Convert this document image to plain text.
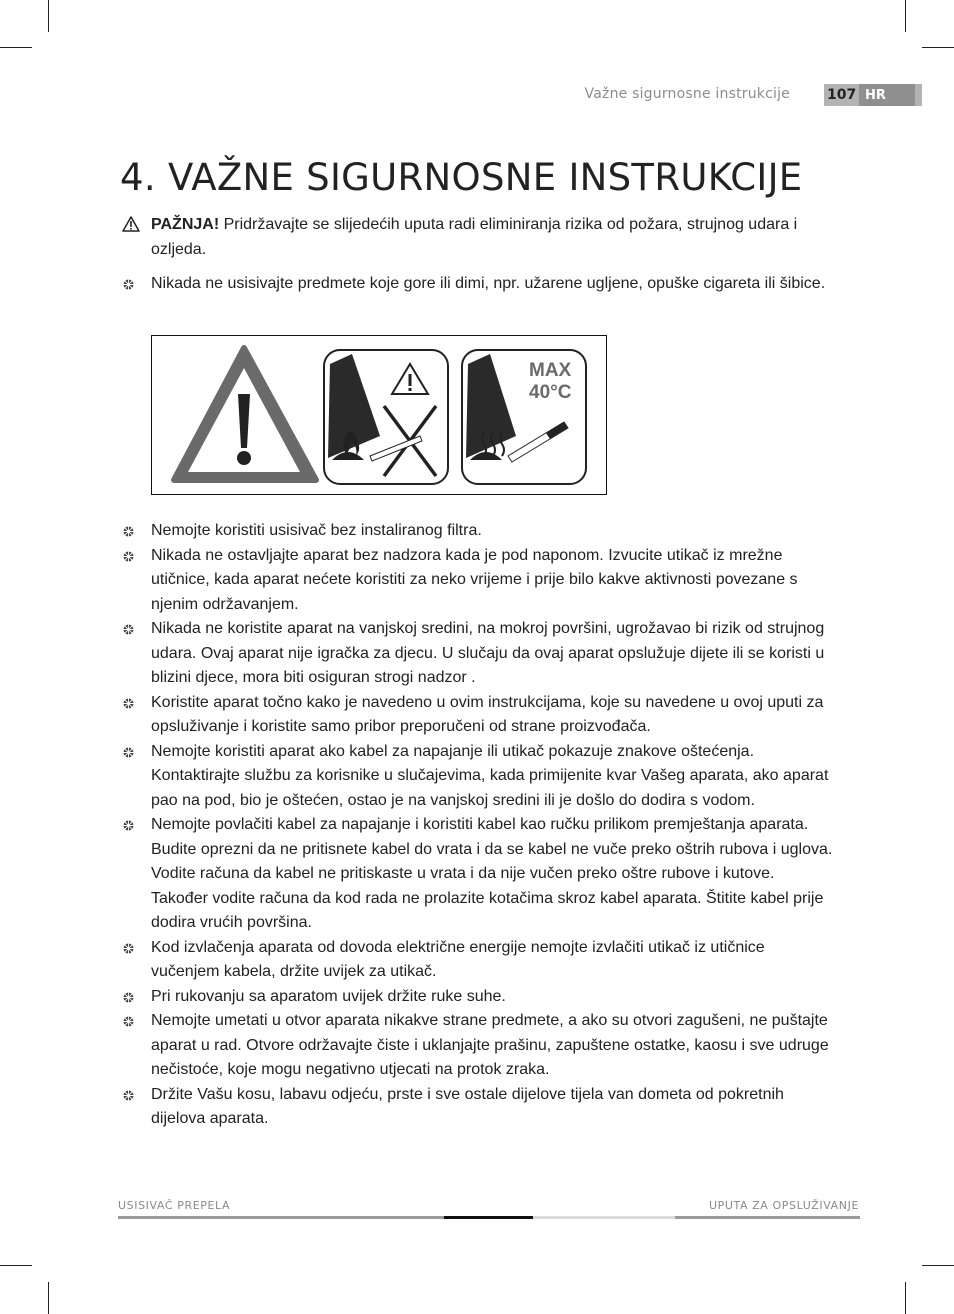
Važne sigurnosne instrukcije	107 HR
4. VAŽNE SIGURNOSNE INSTRUKCIJE
PAŽNJA! Pridržavajte se slijedećih uputa radi eliminiranja rizika od požara, strujnog udara i ozljeda.
Nikada ne usisivajte predmete koje gore ili dimi, npr. užarene ugljene, opuške cigareta ili šibice.
MAX
40°C
Nemojte koristiti usisivač bez instaliranog filtra.
Nikada ne ostavljajte aparat bez nadzora kada je pod naponom. Izvucite utikač iz mrežne utičnice, kada aparat nećete koristiti za neko vrijeme i prije bilo kakve aktivnosti povezane s njenim održavanjem.
Nikada ne koristite aparat na vanjskoj sredini, na mokroj površini, ugrožavao bi rizik od strujnog udara. Ovaj aparat nije igračka za djecu. U slučaju da ovaj aparat opslužuje dijete ili se koristi u blizini djece, mora biti osiguran strogi nadzor .
Koristite aparat točno kako je navedeno u ovim instrukcijama, koje su navedene u ovoj uputi za opsluživanje i koristite samo pribor preporučeni od strane proizvođača.
Nemojte koristiti aparat ako kabel za napajanje ili utikač pokazuje znakove oštećenja. Kontaktirajte službu za korisnike u slučajevima, kada primijenite kvar Vašeg aparata, ako aparat pao na pod, bio je oštećen, ostao je na vanjskoj sredini ili je došlo do dodira s vodom.
Nemojte povlačiti kabel za napajanje i koristiti kabel kao ručku prilikom premještanja aparata. Budite oprezni da ne pritisnete kabel do vrata i da se kabel ne vuče preko oštrih rubova i uglova. Vodite računa da kabel ne pritiskaste u vrata i da nije vučen preko oštre rubove i kutove. Također vodite računa da kod rada ne prolazite kotačima skroz kabel aparata. Štitite kabel prije dodira vrućih površina.
Kod izvlačenja aparata od dovoda električne energije nemojte izvlačiti utikač iz utičnice vučenjem kabela, držite uvijek za utikač.
Pri rukovanju sa aparatom uvijek držite ruke suhe.
Nemojte umetati u otvor aparata nikakve strane predmete, a ako su otvori zagušeni, ne puštajte aparat u rad. Otvore održavajte čiste i uklanjajte prašinu, zapuštene ostatke, kaosu i sve udruge nečistoće, koje mogu negativno utjecati na protok zraka.
Držite Vašu kosu, labavu odjeću, prste i sve ostale dijelove tijela van dometa od pokretnih dijelova aparata.
USISIVAČ PREPELA	UPUTA ZA OPSLUŽIVANJE
